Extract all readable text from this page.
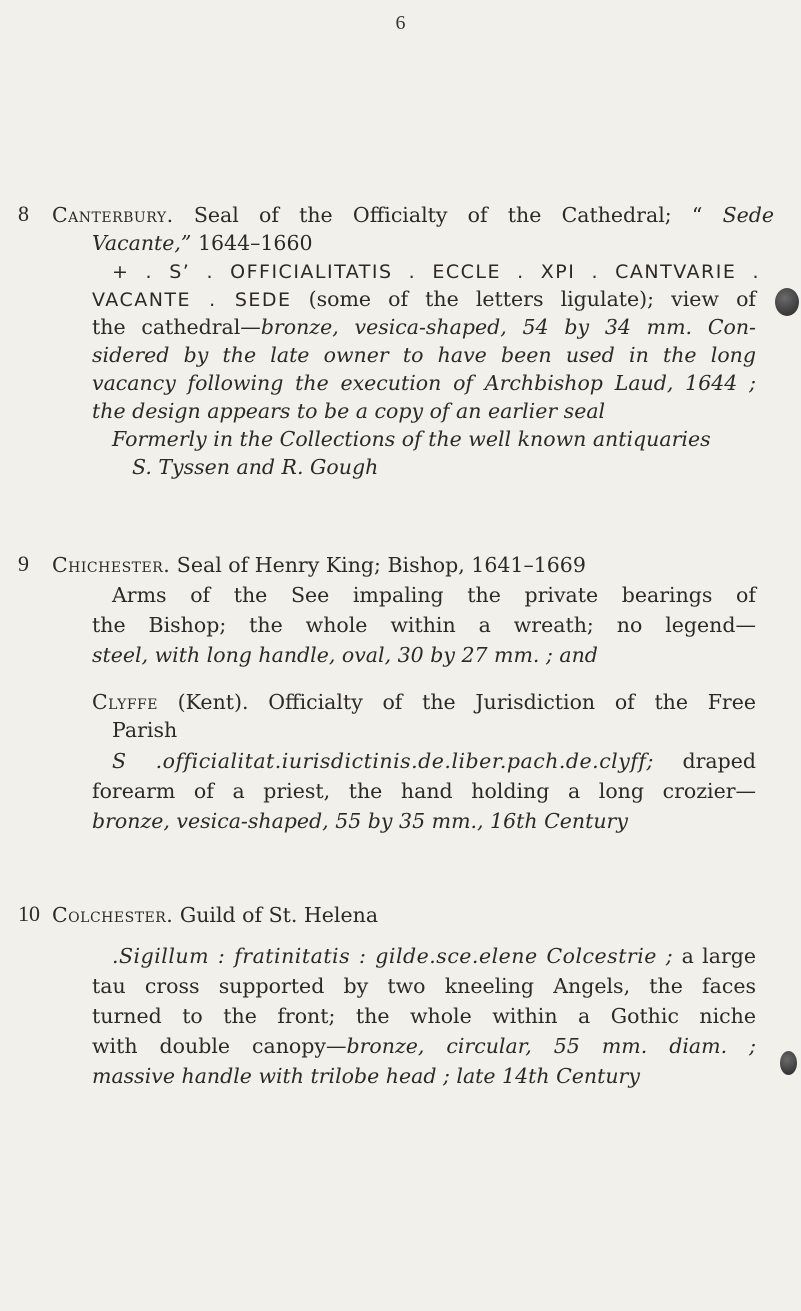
6
8 Canterbury. Seal of the Officialty of the Cathedral; “ Sede
Vacante,” 1644–1660
+ . S’ . OFFICIALITATIS . ECCLE . XPI . CANTVARIE .
VACANTE . SEDE (some of the letters ligulate); view of
the cathedral—bronze, vesica-shaped, 54 by 34 mm. Con-
sidered by the late owner to have been used in the long
vacancy following the execution of Archbishop Laud, 1644 ;
the design appears to be a copy of an earlier seal
Formerly in the Collections of the well known antiquaries
S. Tyssen and R. Gough
9 Chichester. Seal of Henry King; Bishop, 1641–1669
Arms of the See impaling the private bearings of
the Bishop; the whole within a wreath; no legend—
steel, with long handle, oval, 30 by 27 mm. ; and
Clyffe (Kent). Officialty of the Jurisdiction of the Free
Parish
S .officialitat.iurisdictinis.de.liber.pach.de.clyff; draped
forearm of a priest, the hand holding a long crozier—
bronze, vesica-shaped, 55 by 35 mm., 16th Century
10 Colchester. Guild of St. Helena
.Sigillum : fratinitatis : gilde.sce.elene Colcestrie ; a large
tau cross supported by two kneeling Angels, the faces
turned to the front; the whole within a Gothic niche
with double canopy—bronze, circular, 55 mm. diam. ;
massive handle with trilobe head ; late 14th Century
